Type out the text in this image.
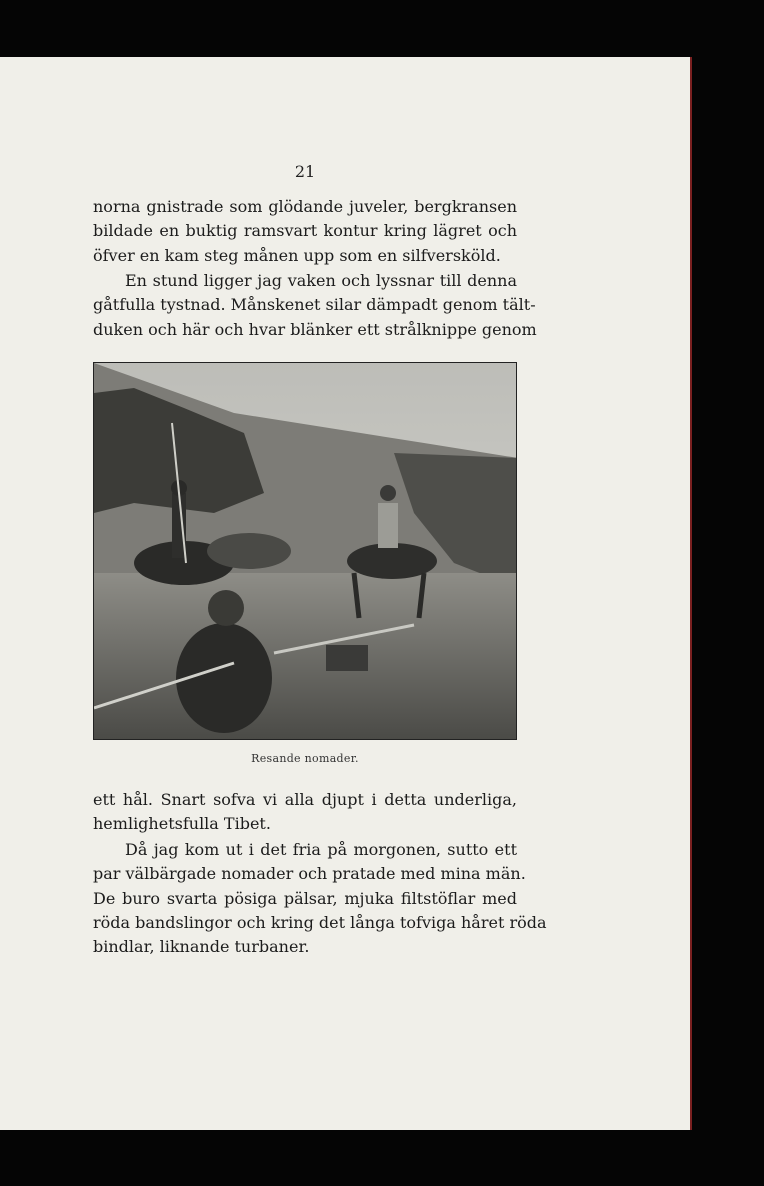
21

norna gnistrade som glödande juveler, bergkransen
bildade en buktig ramsvart kontur kring lägret och
öfver en kam steg månen upp som en silfversköld.

En stund ligger jag vaken och lyssnar till denna
gåtfulla tystnad. Månskenet silar dämpadt genom tält-
duken och här och hvar blänker ett strålknippe genom

Resande nomader.

ett hål. Snart sofva vi alla djupt i detta underliga,
hemlighetsfulla Tibet.

Då jag kom ut i det fria på morgonen, sutto ett
par välbärgade nomader och pratade med mina män.
De buro svarta pösiga pälsar, mjuka filtstöflar med
röda bandslingor och kring det långa tofviga håret röda
bindlar, liknande turbaner.
